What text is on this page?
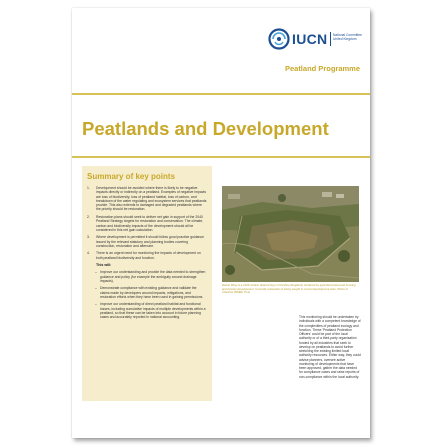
IUCN National Committee United Kingdom
Peatland Programme
Peatlands and Development
Summary of key points
1. Development should be avoided where there is likely to be negative impacts directly or indirectly on a peatland. Examples of negative impacts are loss of biodiversity, loss of peatland habitat, loss of carbon, and breakdown of the water regulating and ecosystem services that peatlands provide. This also extends to damaged and degraded peatlands where the priority should be restoration.
2. Restoration plans should seek to deliver net gain in support of the 2040 Peatland Strategy targets for restoration and conservation. The climate, carbon and biodiversity impacts of the development should all be considered in this net gain calculation.
3. Where development is permitted it should follow good practice guidance issued by the relevant statutory and planning bodies covering construction, restoration and aftercare.
4. There is an urgent need for monitoring the impacts of development on both peatland biodiversity and function.
This will:
– Improve our understanding and provide the data needed to strengthen guidance and policy (for example the ambiguity around drainage impacts).
– Demonstrate compliance with existing guidance and validate the claims made by developers around impacts, mitigations, and restoration efforts when they have been used in gaining permissions.
– Improve our understanding of direct peatland habitat and functional losses, including cumulative impacts of multiple developments within a peatland, so that these can be taken into account in future planning cases and accurately reported in national accounting.

Daniel Wray is a 2019 reclaim drained bog in Cheshire (England), bordered by agricultural land and housing and forestry development. Currently restoration is being sought in current development sites. Photo of Cheshire Wildlife Trust.

This monitoring should be undertaken by individuals with a competent knowledge of the complexities of peatland ecology and function. These 'Peatland Protection Officers' could be part of the local authority or of a third-party organisation funded by all industries that seek to develop on peatlands to avoid further stretching the existing limited local authority resources. Either way, they could advise planners, oversee active monitoring of developments that have been approved, gather the data needed for compliance cases and raise reports of non-compliance within the local authority.
